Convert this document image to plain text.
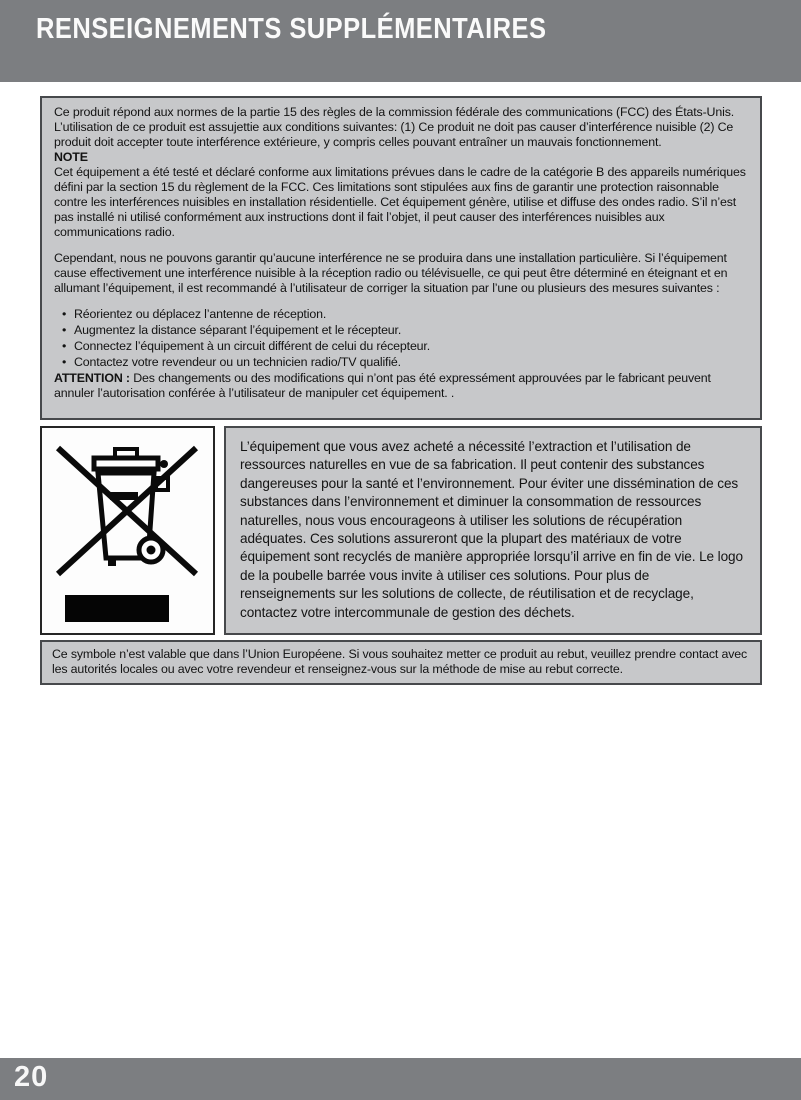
RENSEIGNEMENTS SUPPLÉMENTAIRES

Ce produit répond aux normes de la partie 15 des règles de la commission fédérale des communications (FCC) des États-Unis. L’utilisation de ce produit est assujettie aux conditions suivantes: (1) Ce produit ne doit pas causer d’interférence nuisible (2) Ce produit doit accepter toute interférence extérieure, y compris celles pouvant entraîner un mauvais fonctionnement.

NOTE

Cet équipement a été testé et déclaré conforme aux limitations prévues dans le cadre de la catégorie B des appareils numériques défini par la section 15 du règlement de la FCC. Ces limitations sont stipulées aux fins de garantir une protection raisonnable contre les interférences nuisibles en installation résidentielle. Cet équipement génère, utilise et diffuse des ondes radio. S’il n’est pas installé ni utilisé conformément aux instructions dont il fait l’objet, il peut causer des interférences nuisibles aux communications radio.

Cependant, nous ne pouvons garantir qu’aucune interférence ne se produira dans une installation particulière. Si l’équipement cause effectivement une interférence nuisible à la réception radio ou télévisuelle, ce qui peut être déterminé en éteignant et en allumant l’équipement, il est recommandé à l’utilisateur de corriger la situation par l’une ou plusieurs des mesures suivantes :

• Réorientez ou déplacez l’antenne de réception.
• Augmentez la distance séparant l’équipement et le récepteur.
• Connectez l’équipement à un circuit différent de celui du récepteur.
• Contactez votre revendeur ou un technicien radio/TV qualifié.

ATTENTION : Des changements ou des modifications qui n’ont pas été expressément approuvées par le fabricant peuvent annuler l’autorisation conférée à l’utilisateur de manipuler cet équipement. .

L’équipement que vous avez acheté a nécessité l’extraction et l’utilisation de ressources naturelles en vue de sa fabrication. Il peut contenir des substances dangereuses pour la santé et l’environnement. Pour éviter une dissémination de ces substances dans l’environnement et diminuer la consommation de ressources naturelles, nous vous encourageons à utiliser les solutions de récupération adéquates. Ces solutions assureront que la plupart des matériaux de votre équipement sont recyclés de manière appropriée lorsqu’il arrive en fin de vie. Le logo de la poubelle barrée vous invite à utiliser ces solutions. Pour plus de renseignements sur les solutions de collecte, de réutilisation et de recyclage, contactez votre intercommunale de gestion des déchets.

Ce symbole n’est valable que dans l’Union Européene. Si vous souhaitez metter ce produit au rebut, veuillez prendre contact avec les autorités locales ou avec votre revendeur et renseignez-vous sur la méthode de mise au rebut correcte.

20
